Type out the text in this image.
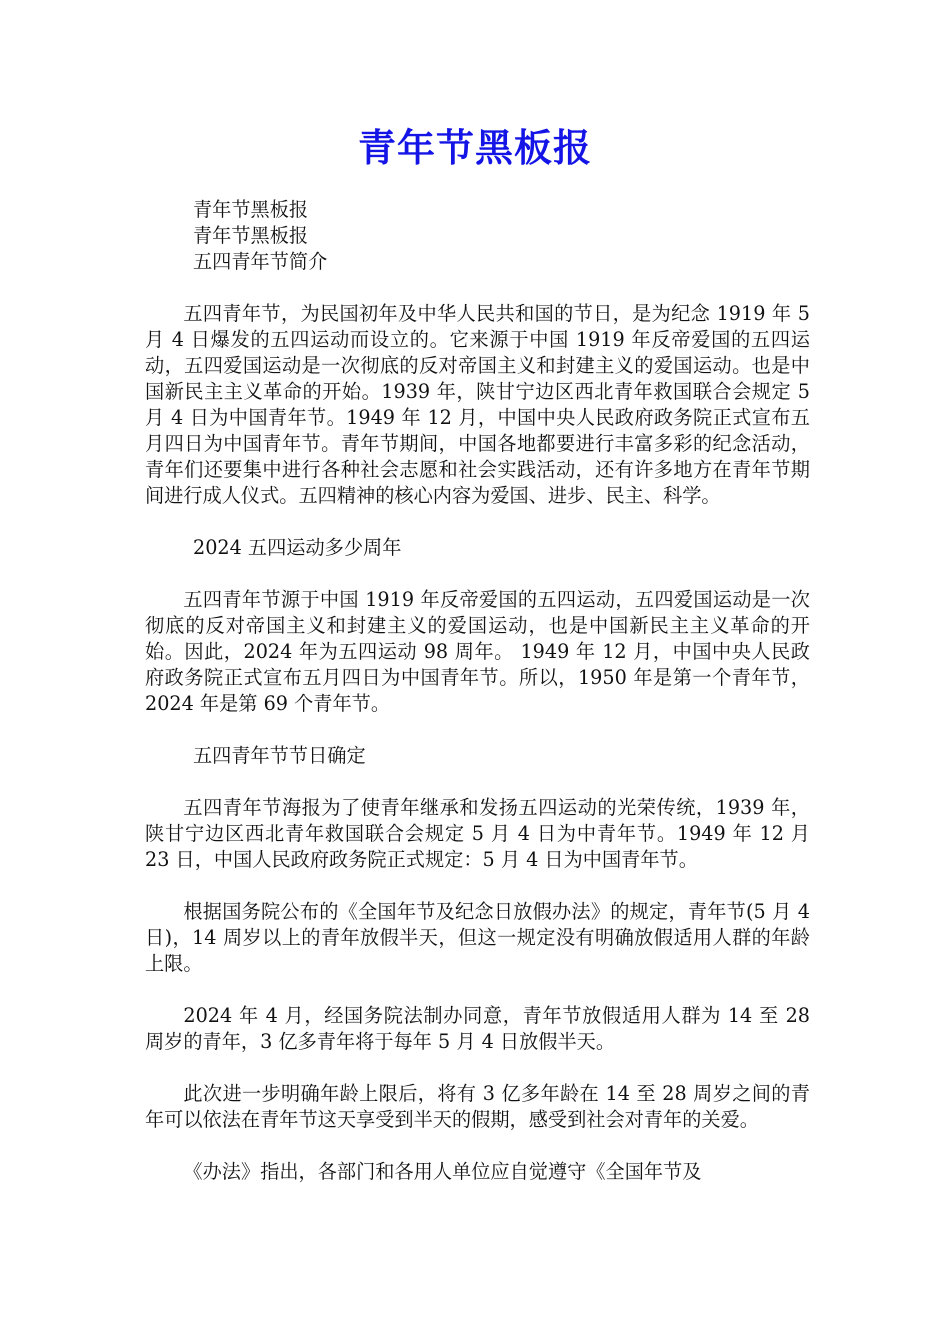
青年节黑板报

青年节黑板报

青年节黑板报

五四青年节简介

五四青年节，为民国初年及中华人民共和国的节日，是为纪念 1919 年 5 月 4 日爆发的五四运动而设立的。它来源于中国 1919 年反帝爱国的五四运动，五四爱国运动是一次彻底的反对帝国主义和封建主义的爱国运动。也是中国新民主主义革命的开始。1939 年，陕甘宁边区西北青年救国联合会规定 5 月 4 日为中国青年节。1949 年 12 月，中国中央人民政府政务院正式宣布五月四日为中国青年节。青年节期间，中国各地都要进行丰富多彩的纪念活动，青年们还要集中进行各种社会志愿和社会实践活动，还有许多地方在青年节期间进行成人仪式。五四精神的核心内容为爱国、进步、民主、科学。

2024 五四运动多少周年

五四青年节源于中国 1919 年反帝爱国的五四运动，五四爱国运动是一次彻底的反对帝国主义和封建主义的爱国运动，也是中国新民主主义革命的开始。因此，2024 年为五四运动 98 周年。 1949 年 12 月，中国中央人民政府政务院正式宣布五月四日为中国青年节。所以，1950 年是第一个青年节，2024 年是第 69 个青年节。

五四青年节节日确定

五四青年节海报为了使青年继承和发扬五四运动的光荣传统，1939 年，陕甘宁边区西北青年救国联合会规定 5 月 4 日为中青年节。1949 年 12 月 23 日，中国人民政府政务院正式规定：5 月 4 日为中国青年节。

根据国务院公布的《全国年节及纪念日放假办法》的规定，青年节(5 月 4 日)，14 周岁以上的青年放假半天，但这一规定没有明确放假适用人群的年龄上限。

2024 年 4 月，经国务院法制办同意，青年节放假适用人群为 14 至 28 周岁的青年，3 亿多青年将于每年 5 月 4 日放假半天。

此次进一步明确年龄上限后，将有 3 亿多年龄在 14 至 28 周岁之间的青年可以依法在青年节这天享受到半天的假期，感受到社会对青年的关爱。

《办法》指出，各部门和各用人单位应自觉遵守《全国年节及
